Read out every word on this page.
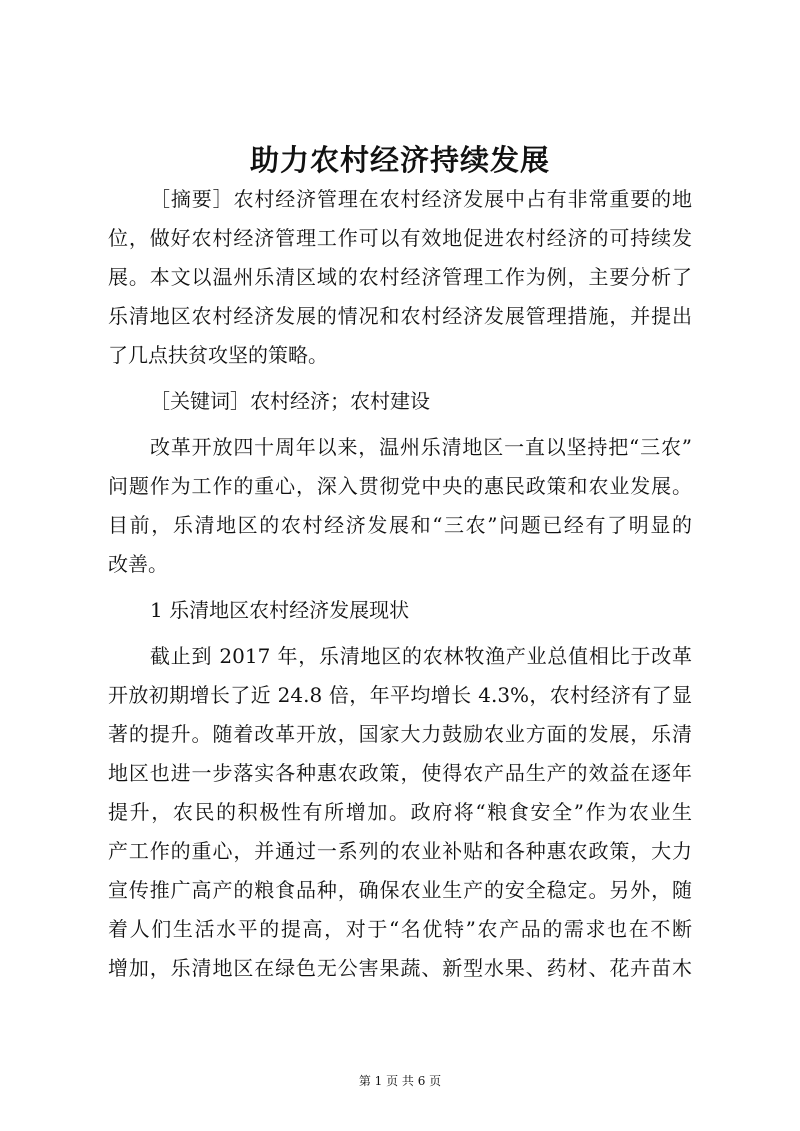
助力农村经济持续发展
［摘要］农村经济管理在农村经济发展中占有非常重要的地
位，做好农村经济管理工作可以有效地促进农村经济的可持续发
展。本文以温州乐清区域的农村经济管理工作为例，主要分析了
乐清地区农村经济发展的情况和农村经济发展管理措施，并提出
了几点扶贫攻坚的策略。
［关键词］农村经济；农村建设
改革开放四十周年以来，温州乐清地区一直以坚持把“三农”
问题作为工作的重心，深入贯彻党中央的惠民政策和农业发展。
目前，乐清地区的农村经济发展和“三农”问题已经有了明显的
改善。
1 乐清地区农村经济发展现状
截止到 2017 年，乐清地区的农林牧渔产业总值相比于改革
开放初期增长了近 24.8 倍，年平均增长 4.3%，农村经济有了显
著的提升。随着改革开放，国家大力鼓励农业方面的发展，乐清
地区也进一步落实各种惠农政策，使得农产品生产的效益在逐年
提升，农民的积极性有所增加。政府将“粮食安全”作为农业生
产工作的重心，并通过一系列的农业补贴和各种惠农政策，大力
宣传推广高产的粮食品种，确保农业生产的安全稳定。另外，随
着人们生活水平的提高，对于“名优特”农产品的需求也在不断
增加，乐清地区在绿色无公害果蔬、新型水果、药材、花卉苗木
第 1 页 共 6 页
